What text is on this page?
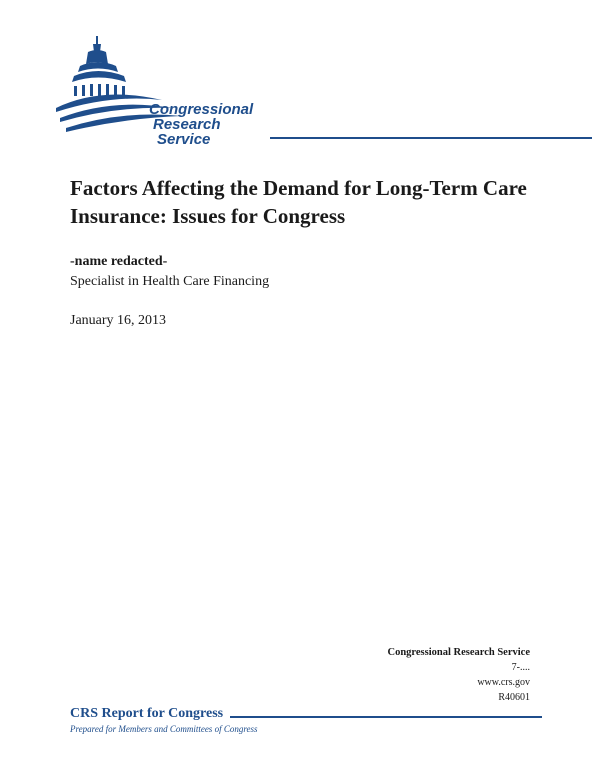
Congressional
Research
Service
Factors Affecting the Demand for Long-Term Care Insurance: Issues for Congress
-name redacted-
Specialist in Health Care Financing
January 16, 2013
Congressional Research Service
7-....
www.crs.gov
R40601
CRS Report for Congress
Prepared for Members and Committees of Congress
